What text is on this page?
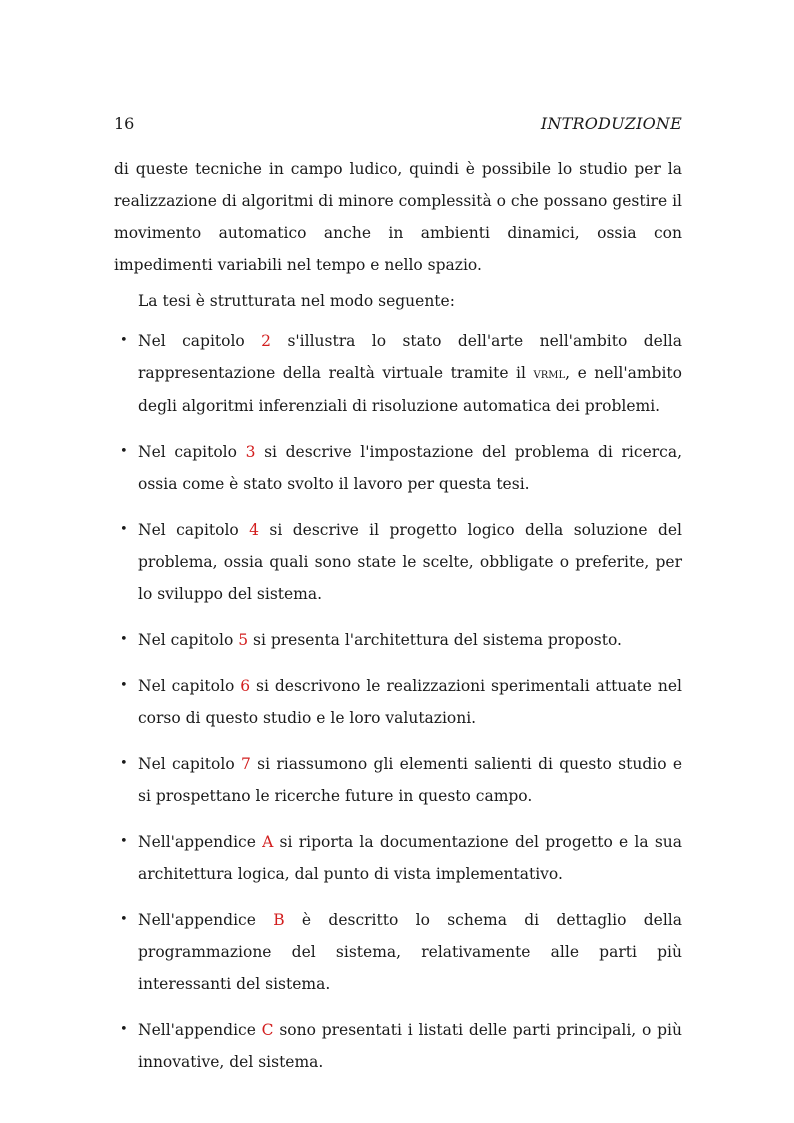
16	INTRODUZIONE

di queste tecniche in campo ludico, quindi è possibile lo studio per la realizzazione di algoritmi di minore complessità o che possano gestire il movimento automatico anche in ambienti dinamici, ossia con impedimenti variabili nel tempo e nello spazio.

La tesi è strutturata nel modo seguente:

• Nel capitolo 2 s'illustra lo stato dell'arte nell'ambito della rappresentazione della realtà virtuale tramite il vrml, e nell'ambito degli algoritmi inferenziali di risoluzione automatica dei problemi.
• Nel capitolo 3 si descrive l'impostazione del problema di ricerca, ossia come è stato svolto il lavoro per questa tesi.
• Nel capitolo 4 si descrive il progetto logico della soluzione del problema, ossia quali sono state le scelte, obbligate o preferite, per lo sviluppo del sistema.
• Nel capitolo 5 si presenta l'architettura del sistema proposto.
• Nel capitolo 6 si descrivono le realizzazioni sperimentali attuate nel corso di questo studio e le loro valutazioni.
• Nel capitolo 7 si riassumono gli elementi salienti di questo studio e si prospettano le ricerche future in questo campo.
• Nell'appendice A si riporta la documentazione del progetto e la sua architettura logica, dal punto di vista implementativo.
• Nell'appendice B è descritto lo schema di dettaglio della programmazione del sistema, relativamente alle parti più interessanti del sistema.
• Nell'appendice C sono presentati i listati delle parti principali, o più innovative, del sistema.
